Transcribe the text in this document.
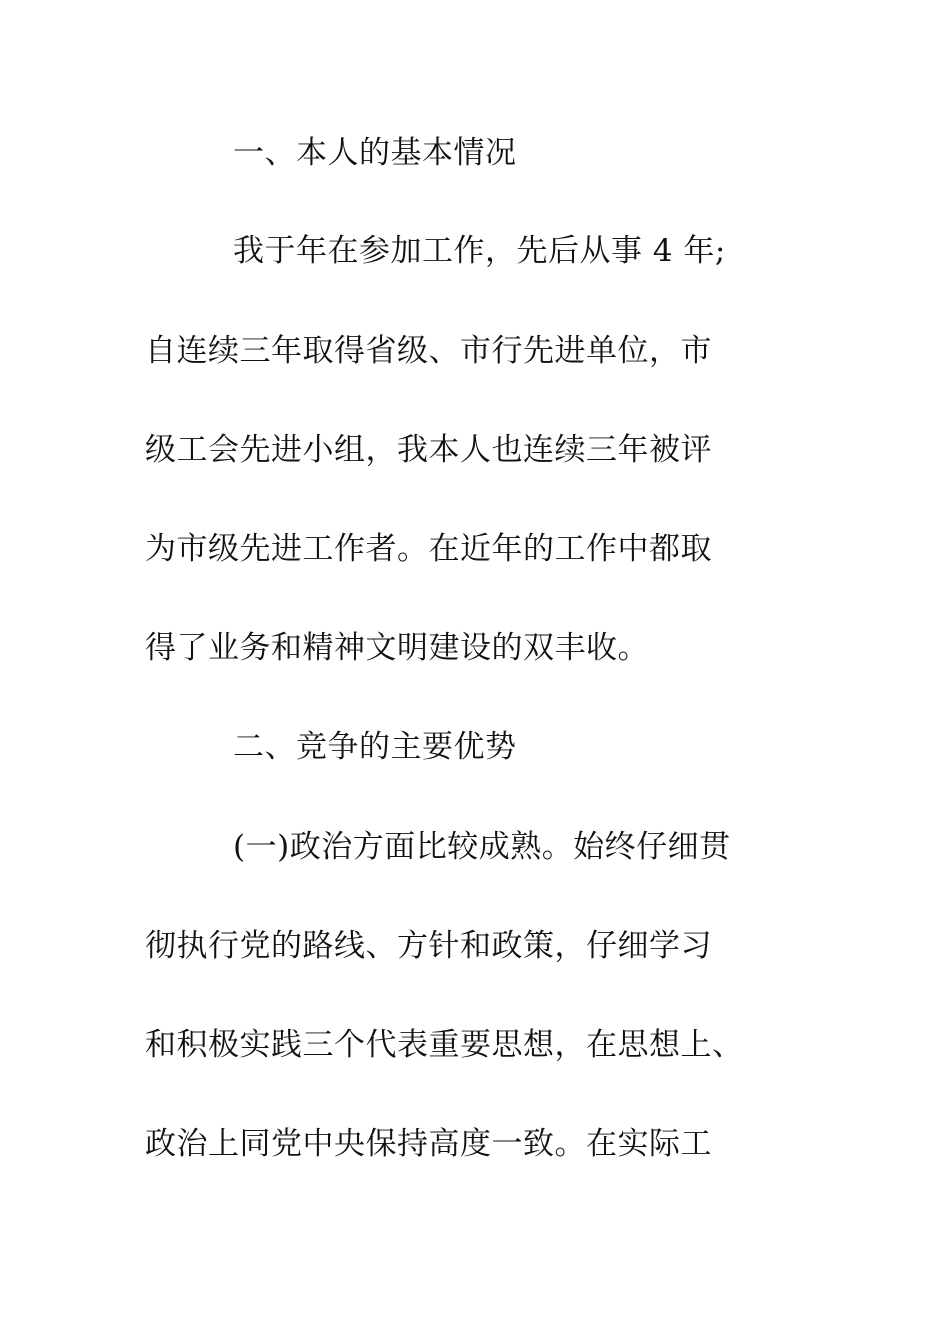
一、本人的基本情况
我于年在参加工作，先后从事 4 年;
自连续三年取得省级、市行先进单位，市
级工会先进小组，我本人也连续三年被评
为市级先进工作者。在近年的工作中都取
得了业务和精神文明建设的双丰收。
二、竞争的主要优势
(一)政治方面比较成熟。始终仔细贯
彻执行党的路线、方针和政策，仔细学习
和积极实践三个代表重要思想，在思想上、
政治上同党中央保持高度一致。在实际工
